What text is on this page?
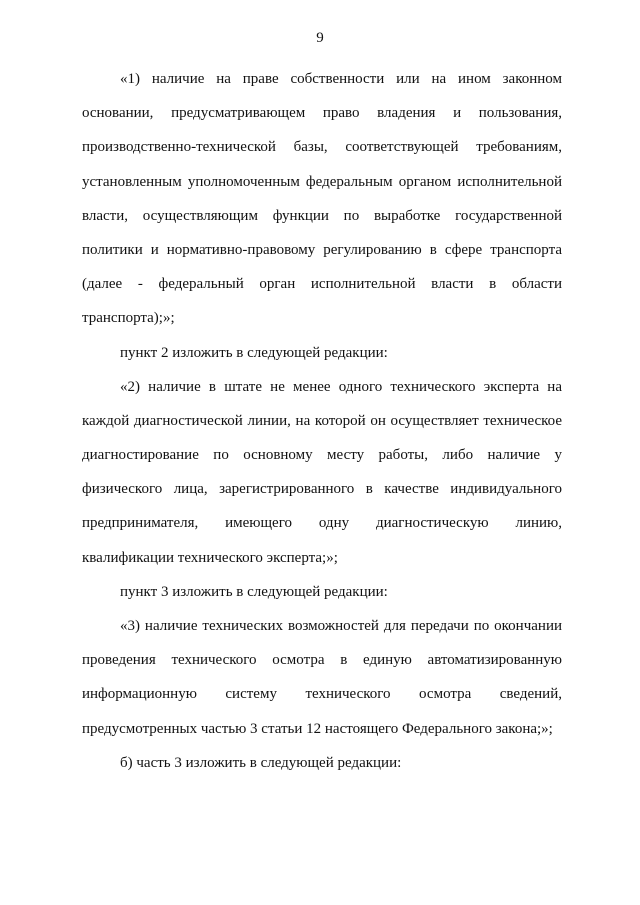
9
«1) наличие на праве собственности или на ином законном
основании, предусматривающем право владения и пользования,
производственно-технической базы, соответствующей требованиям,
установленным уполномоченным федеральным органом исполнительной
власти, осуществляющим функции по выработке государственной
политики и нормативно-правовому регулированию в сфере транспорта
(далее - федеральный орган исполнительной власти в области
транспорта);»;
пункт 2 изложить в следующей редакции:
«2) наличие в штате не менее одного технического эксперта на
каждой диагностической линии, на которой он осуществляет техническое
диагностирование по основному месту работы, либо наличие у
физического лица, зарегистрированного в качестве индивидуального
предпринимателя, имеющего одну диагностическую линию,
квалификации технического эксперта;»;
пункт 3 изложить в следующей редакции:
«3) наличие технических возможностей для передачи по окончании
проведения технического осмотра в единую автоматизированную
информационную систему технического осмотра сведений,
предусмотренных частью 3 статьи 12 настоящего Федерального закона;»;
б) часть 3 изложить в следующей редакции:
